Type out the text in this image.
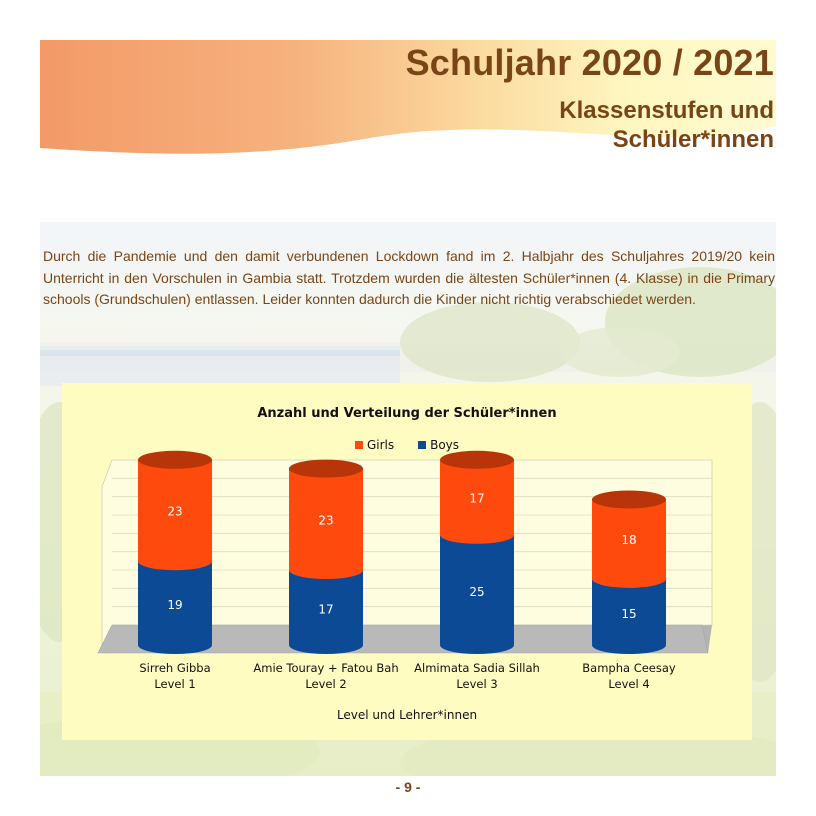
Schuljahr 2020 / 2021
Klassenstufen und Schüler*innen

Durch die Pandemie und den damit verbundenen Lockdown fand im 2. Halbjahr des Schuljahres 2019/20 kein Unterricht in den Vorschulen in Gambia statt. Trotzdem wurden die ältesten Schüler*innen (4. Klasse) in die Primary schools (Grundschulen) entlassen. Leider konnten dadurch die Kinder nicht richtig verabschiedet werden.

Anzahl und Verteilung der Schüler*innen
Girls	Boys
23
19
Sirreh Gibba
Level 1
23
17
Amie Touray + Fatou Bah
Level 2
17
25
Almimata Sadia Sillah
Level 3
18
15
Bampha Ceesay
Level 4
Level und Lehrer*innen
- 9 -
